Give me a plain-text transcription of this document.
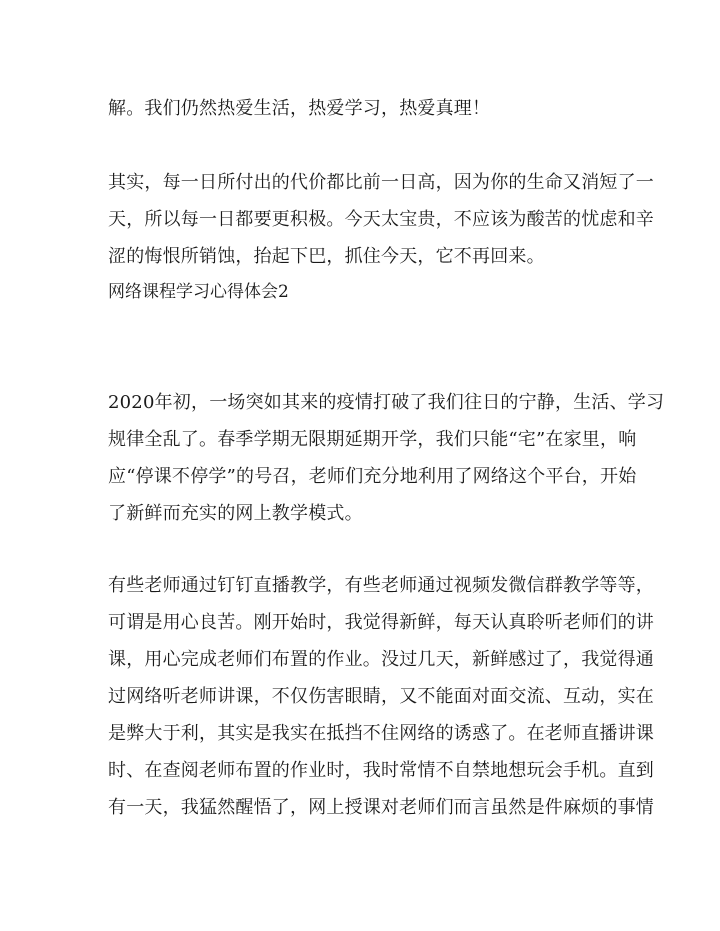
解。我们仍然热爱生活，热爱学习，热爱真理！
其实，每一日所付出的代价都比前一日高，因为你的生命又消短了一
天，所以每一日都要更积极。今天太宝贵，不应该为酸苦的忧虑和辛
涩的悔恨所销蚀，抬起下巴，抓住今天，它不再回来。
网络课程学习心得体会2
2020年初，一场突如其来的疫情打破了我们往日的宁静，生活、学习
规律全乱了。春季学期无限期延期开学，我们只能“宅”在家里，响
应“停课不停学”的号召，老师们充分地利用了网络这个平台，开始
了新鲜而充实的网上教学模式。
有些老师通过钉钉直播教学，有些老师通过视频发微信群教学等等，
可谓是用心良苦。刚开始时，我觉得新鲜，每天认真聆听老师们的讲
课，用心完成老师们布置的作业。没过几天，新鲜感过了，我觉得通
过网络听老师讲课，不仅伤害眼睛，又不能面对面交流、互动，实在
是弊大于利，其实是我实在抵挡不住网络的诱惑了。在老师直播讲课
时、在查阅老师布置的作业时，我时常情不自禁地想玩会手机。直到
有一天，我猛然醒悟了，网上授课对老师们而言虽然是件麻烦的事情
